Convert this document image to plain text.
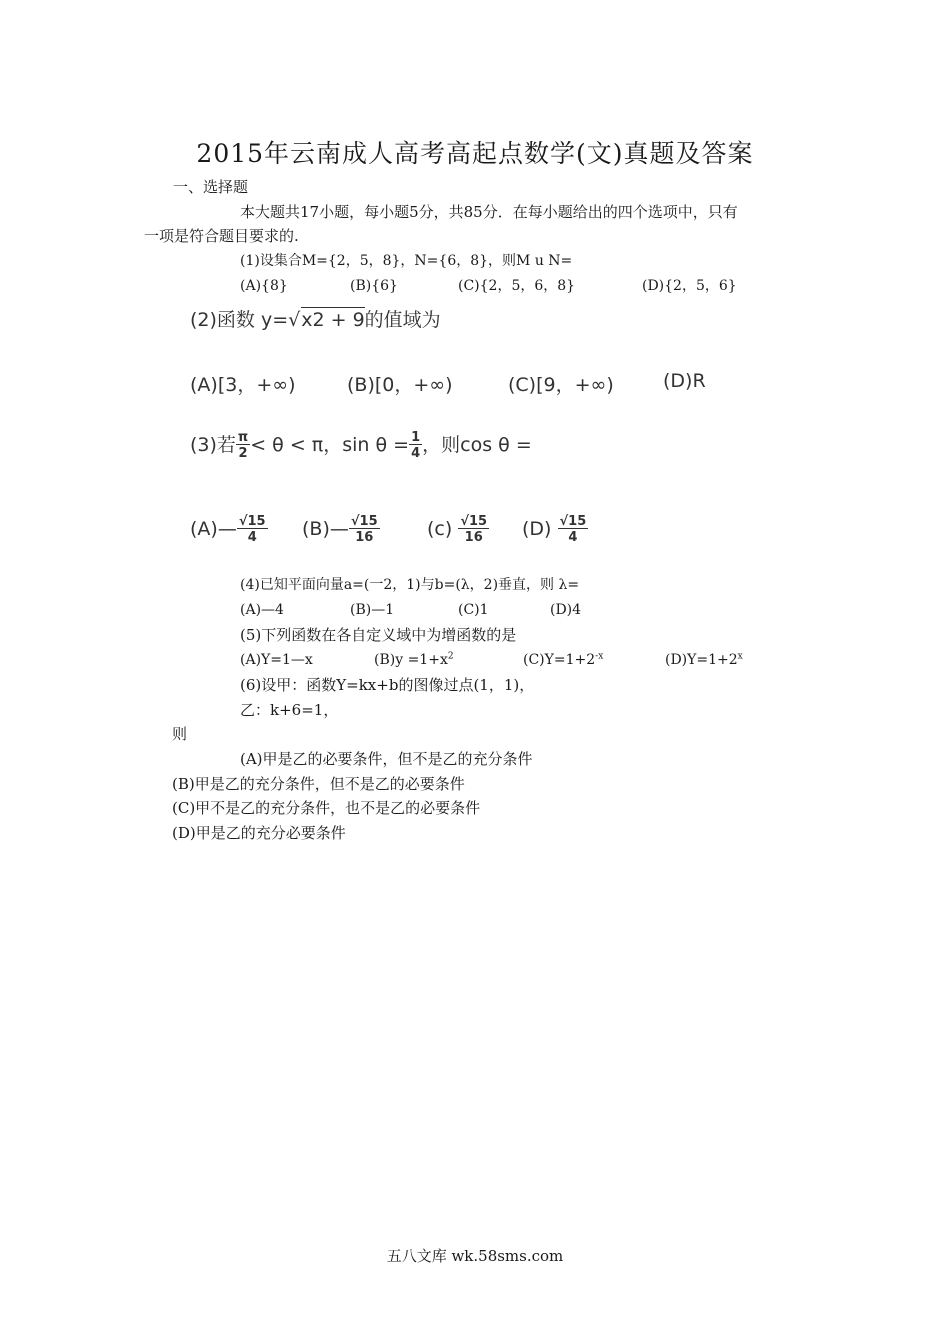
2015年云南成人高考高起点数学(文)真题及答案
一、选择题
本大题共17小题，每小题5分，共85分．在每小题给出的四个选项中，只有
一项是符合题目要求的.
(1)设集合M={2，5，8}，N={6，8}，则M u N=
(A){8}	(B){6}	(C){2，5，6，8}	(D){2，5，6}
(2)函数 y=√x2 + 9的值域为
(A)[3，+∞)	(B)[0，+∞)	(C)[9，+∞)	(D)R
(3)若 $\frac{\pi}{2} < \theta < \pi$，$\sin \theta = \frac{1}{4}$ ，则cos θ =
(A)— $\frac{√15}{4}$ (B)— $\frac{√15}{16} (c) \frac{√15}{16} (D) \frac{√15}{4}$
(4)已知平面向量a=(一2，1)与b=(λ，2)垂直，则 λ=
(A)—4	(B)—1	(C)1	(D)4
(5)下列函数在各自定义域中为增函数的是
(A)Y=1—x	$(B)y =1+x^2$	$(C)Y=1+2^{-x}$	$(D)Y=1+2^x$
(6)设甲：函数Y=kx+b的图像过点(1，1)，
乙：k+6=1，
则
(A)甲是乙的必要条件，但不是乙的充分条件
(B)甲是乙的充分条件，但不是乙的必要条件
(C)甲不是乙的充分条件，也不是乙的必要条件
(D)甲是乙的充分必要条件
五八文库 wk.58sms.com
